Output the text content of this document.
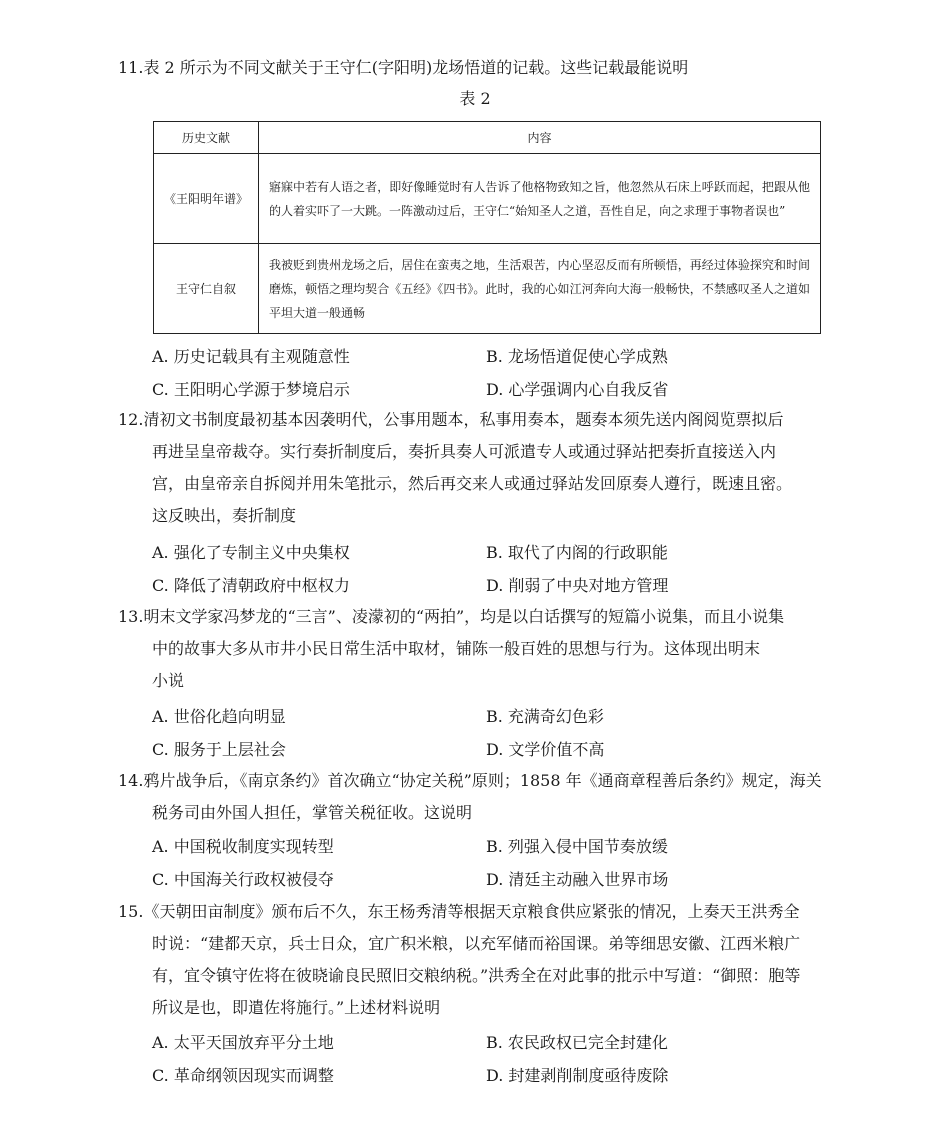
11.表 2 所示为不同文献关于王守仁(字阳明)龙场悟道的记载。这些记载最能说明

表 2
历史文献	内容
《王阳明年谱》	寤寐中若有人语之者，即好像睡觉时有人告诉了他格物致知之旨，他忽然从石床上呼跃而起，把跟从他的人着实吓了一大跳。一阵激动过后，王守仁“始知圣人之道，吾性自足，向之求理于事物者误也”
王守仁自叙	我被贬到贵州龙场之后，居住在蛮夷之地，生活艰苦，内心坚忍反而有所顿悟，再经过体验探究和时间磨炼，顿悟之理均契合《五经》《四书》。此时，我的心如江河奔向大海一般畅快，不禁感叹圣人之道如平坦大道一般通畅
A. 历史记载具有主观随意性	B. 龙场悟道促使心学成熟
C. 王阳明心学源于梦境启示	D. 心学强调内心自我反省

12.清初文书制度最初基本因袭明代，公事用题本，私事用奏本，题奏本须先送内阁阅览票拟后

再进呈皇帝裁夺。实行奏折制度后，奏折具奏人可派遣专人或通过驿站把奏折直接送入内

宫，由皇帝亲自拆阅并用朱笔批示，然后再交来人或通过驿站发回原奏人遵行，既速且密。

这反映出，奏折制度

A. 强化了专制主义中央集权	B. 取代了内阁的行政职能
C. 降低了清朝政府中枢权力	D. 削弱了中央对地方管理

13.明末文学家冯梦龙的“三言”、凌濛初的“两拍”，均是以白话撰写的短篇小说集，而且小说集

中的故事大多从市井小民日常生活中取材，铺陈一般百姓的思想与行为。这体现出明末

小说

A. 世俗化趋向明显	B. 充满奇幻色彩
C. 服务于上层社会	D. 文学价值不高

14.鸦片战争后，《南京条约》首次确立“协定关税”原则；1858 年《通商章程善后条约》规定，海关

税务司由外国人担任，掌管关税征收。这说明

A. 中国税收制度实现转型	B. 列强入侵中国节奏放缓
C. 中国海关行政权被侵夺	D. 清廷主动融入世界市场

15.《天朝田亩制度》颁布后不久，东王杨秀清等根据天京粮食供应紧张的情况，上奏天王洪秀全

时说：“建都天京，兵士日众，宜广积米粮，以充军储而裕国课。弟等细思安徽、江西米粮广

有，宜令镇守佐将在彼晓谕良民照旧交粮纳税。”洪秀全在对此事的批示中写道：“御照：胞等

所议是也，即遣佐将施行。”上述材料说明

A. 太平天国放弃平分土地	B. 农民政权已完全封建化
C. 革命纲领因现实而调整	D. 封建剥削制度亟待废除
